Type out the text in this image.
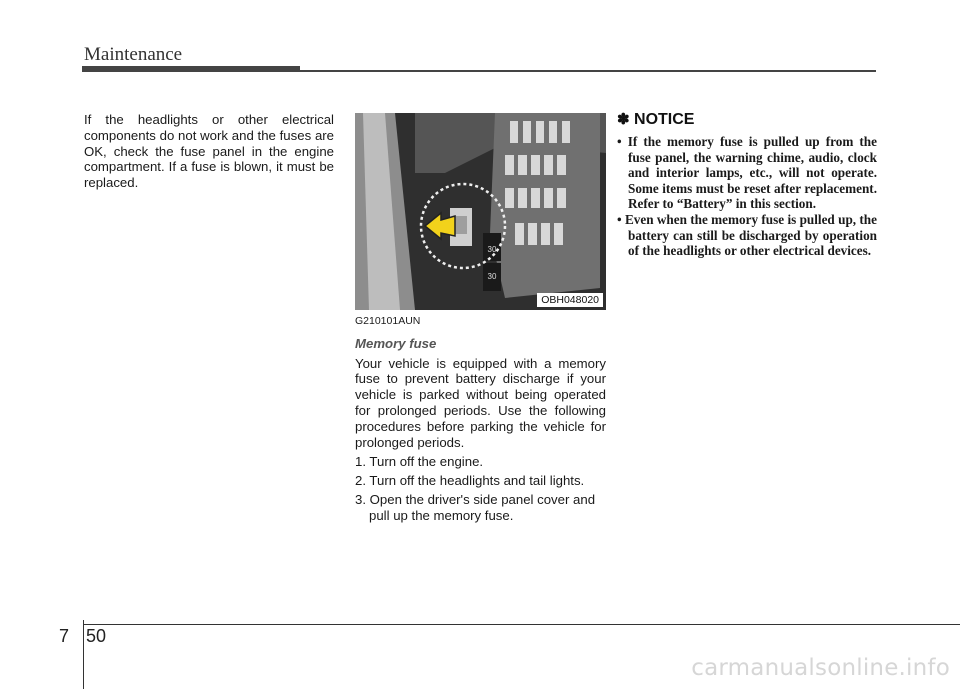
Maintenance
If the headlights or other electrical components do not work and the fuses are OK, check the fuse panel in the engine compartment. If a fuse is blown, it must be replaced.
30
30
OBH048020

G210101AUN

Memory fuse

Your vehicle is equipped with a memory fuse to prevent battery discharge if your vehicle is parked without being operated for prolonged periods. Use the following procedures before parking the vehicle for prolonged periods.

1. Turn off the engine.

2. Turn off the headlights and tail lights.

3. Open the driver's side panel cover and pull up the memory fuse.

✽ NOTICE

• If the memory fuse is pulled up from the fuse panel, the warning chime, audio, clock and interior lamps, etc., will not operate. Some items must be reset after replacement. Refer to “Battery” in this section.

• Even when the memory fuse is pulled up, the battery can still be discharged by operation of the headlights or other electrical devices.

7 50
carmanualsonline.info
